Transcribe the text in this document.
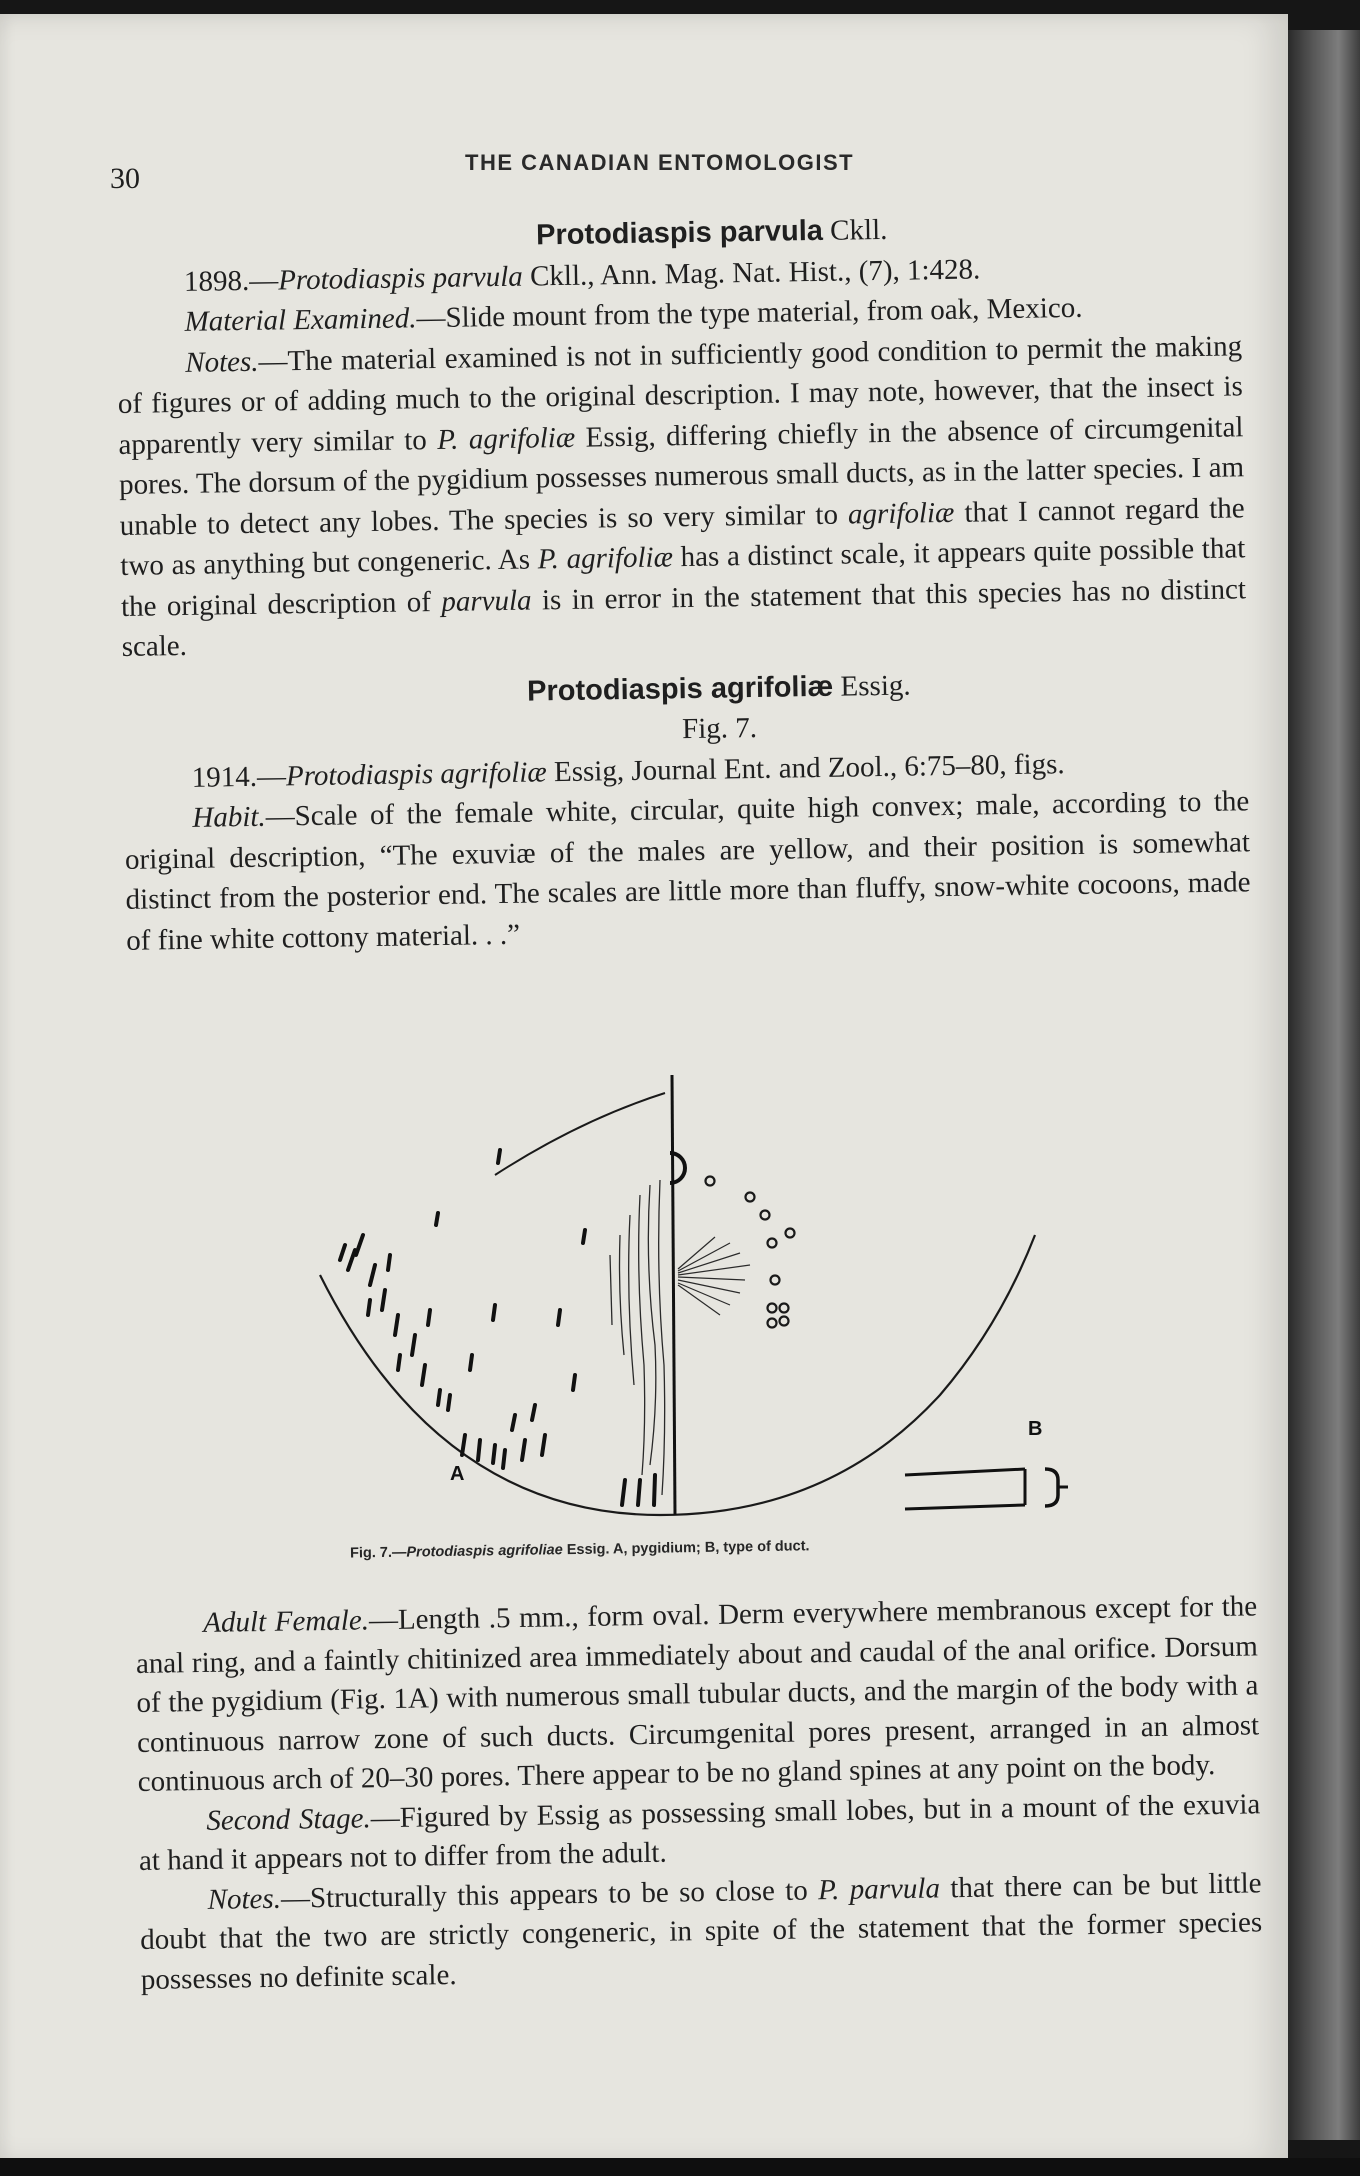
30	THE CANADIAN ENTOMOLOGIST

Protodiaspis parvula Ckll.

1898.—Protodiaspis parvula Ckll., Ann. Mag. Nat. Hist., (7), 1:428.

Material Examined.—Slide mount from the type material, from oak, Mexico.

Notes.—The material examined is not in sufficiently good condition to permit the making of figures or of adding much to the original description. I may note, however, that the insect is apparently very similar to P. agrifoliæ Essig, differing chiefly in the absence of circumgenital pores. The dorsum of the pygidium possesses numerous small ducts, as in the latter species. I am unable to detect any lobes. The species is so very similar to agrifoliæ that I cannot regard the two as anything but congeneric. As P. agrifoliæ has a distinct scale, it appears quite possible that the original description of parvula is in error in the statement that this species has no distinct scale.

Protodiaspis agrifoliæ Essig.

Fig. 7.

1914.—Protodiaspis agrifoliæ Essig, Journal Ent. and Zool., 6:75–80, figs.

Habit.—Scale of the female white, circular, quite high convex; male, according to the original description, “The exuviæ of the males are yellow, and their position is somewhat distinct from the posterior end. The scales are little more than fluffy, snow-white cocoons, made of fine white cottony material. . .”

A
B
Fig. 7.—Protodiaspis agrifoliae Essig. A, pygidium; B, type of duct.

Adult Female.—Length .5 mm., form oval. Derm everywhere membranous except for the anal ring, and a faintly chitinized area immediately about and caudal of the anal orifice. Dorsum of the pygidium (Fig. 1A) with numerous small tubular ducts, and the margin of the body with a continuous narrow zone of such ducts. Circumgenital pores present, arranged in an almost continuous arch of 20–30 pores. There appear to be no gland spines at any point on the body.

Second Stage.—Figured by Essig as possessing small lobes, but in a mount of the exuvia at hand it appears not to differ from the adult.

Notes.—Structurally this appears to be so close to P. parvula that there can be but little doubt that the two are strictly congeneric, in spite of the statement that the former species possesses no definite scale.
